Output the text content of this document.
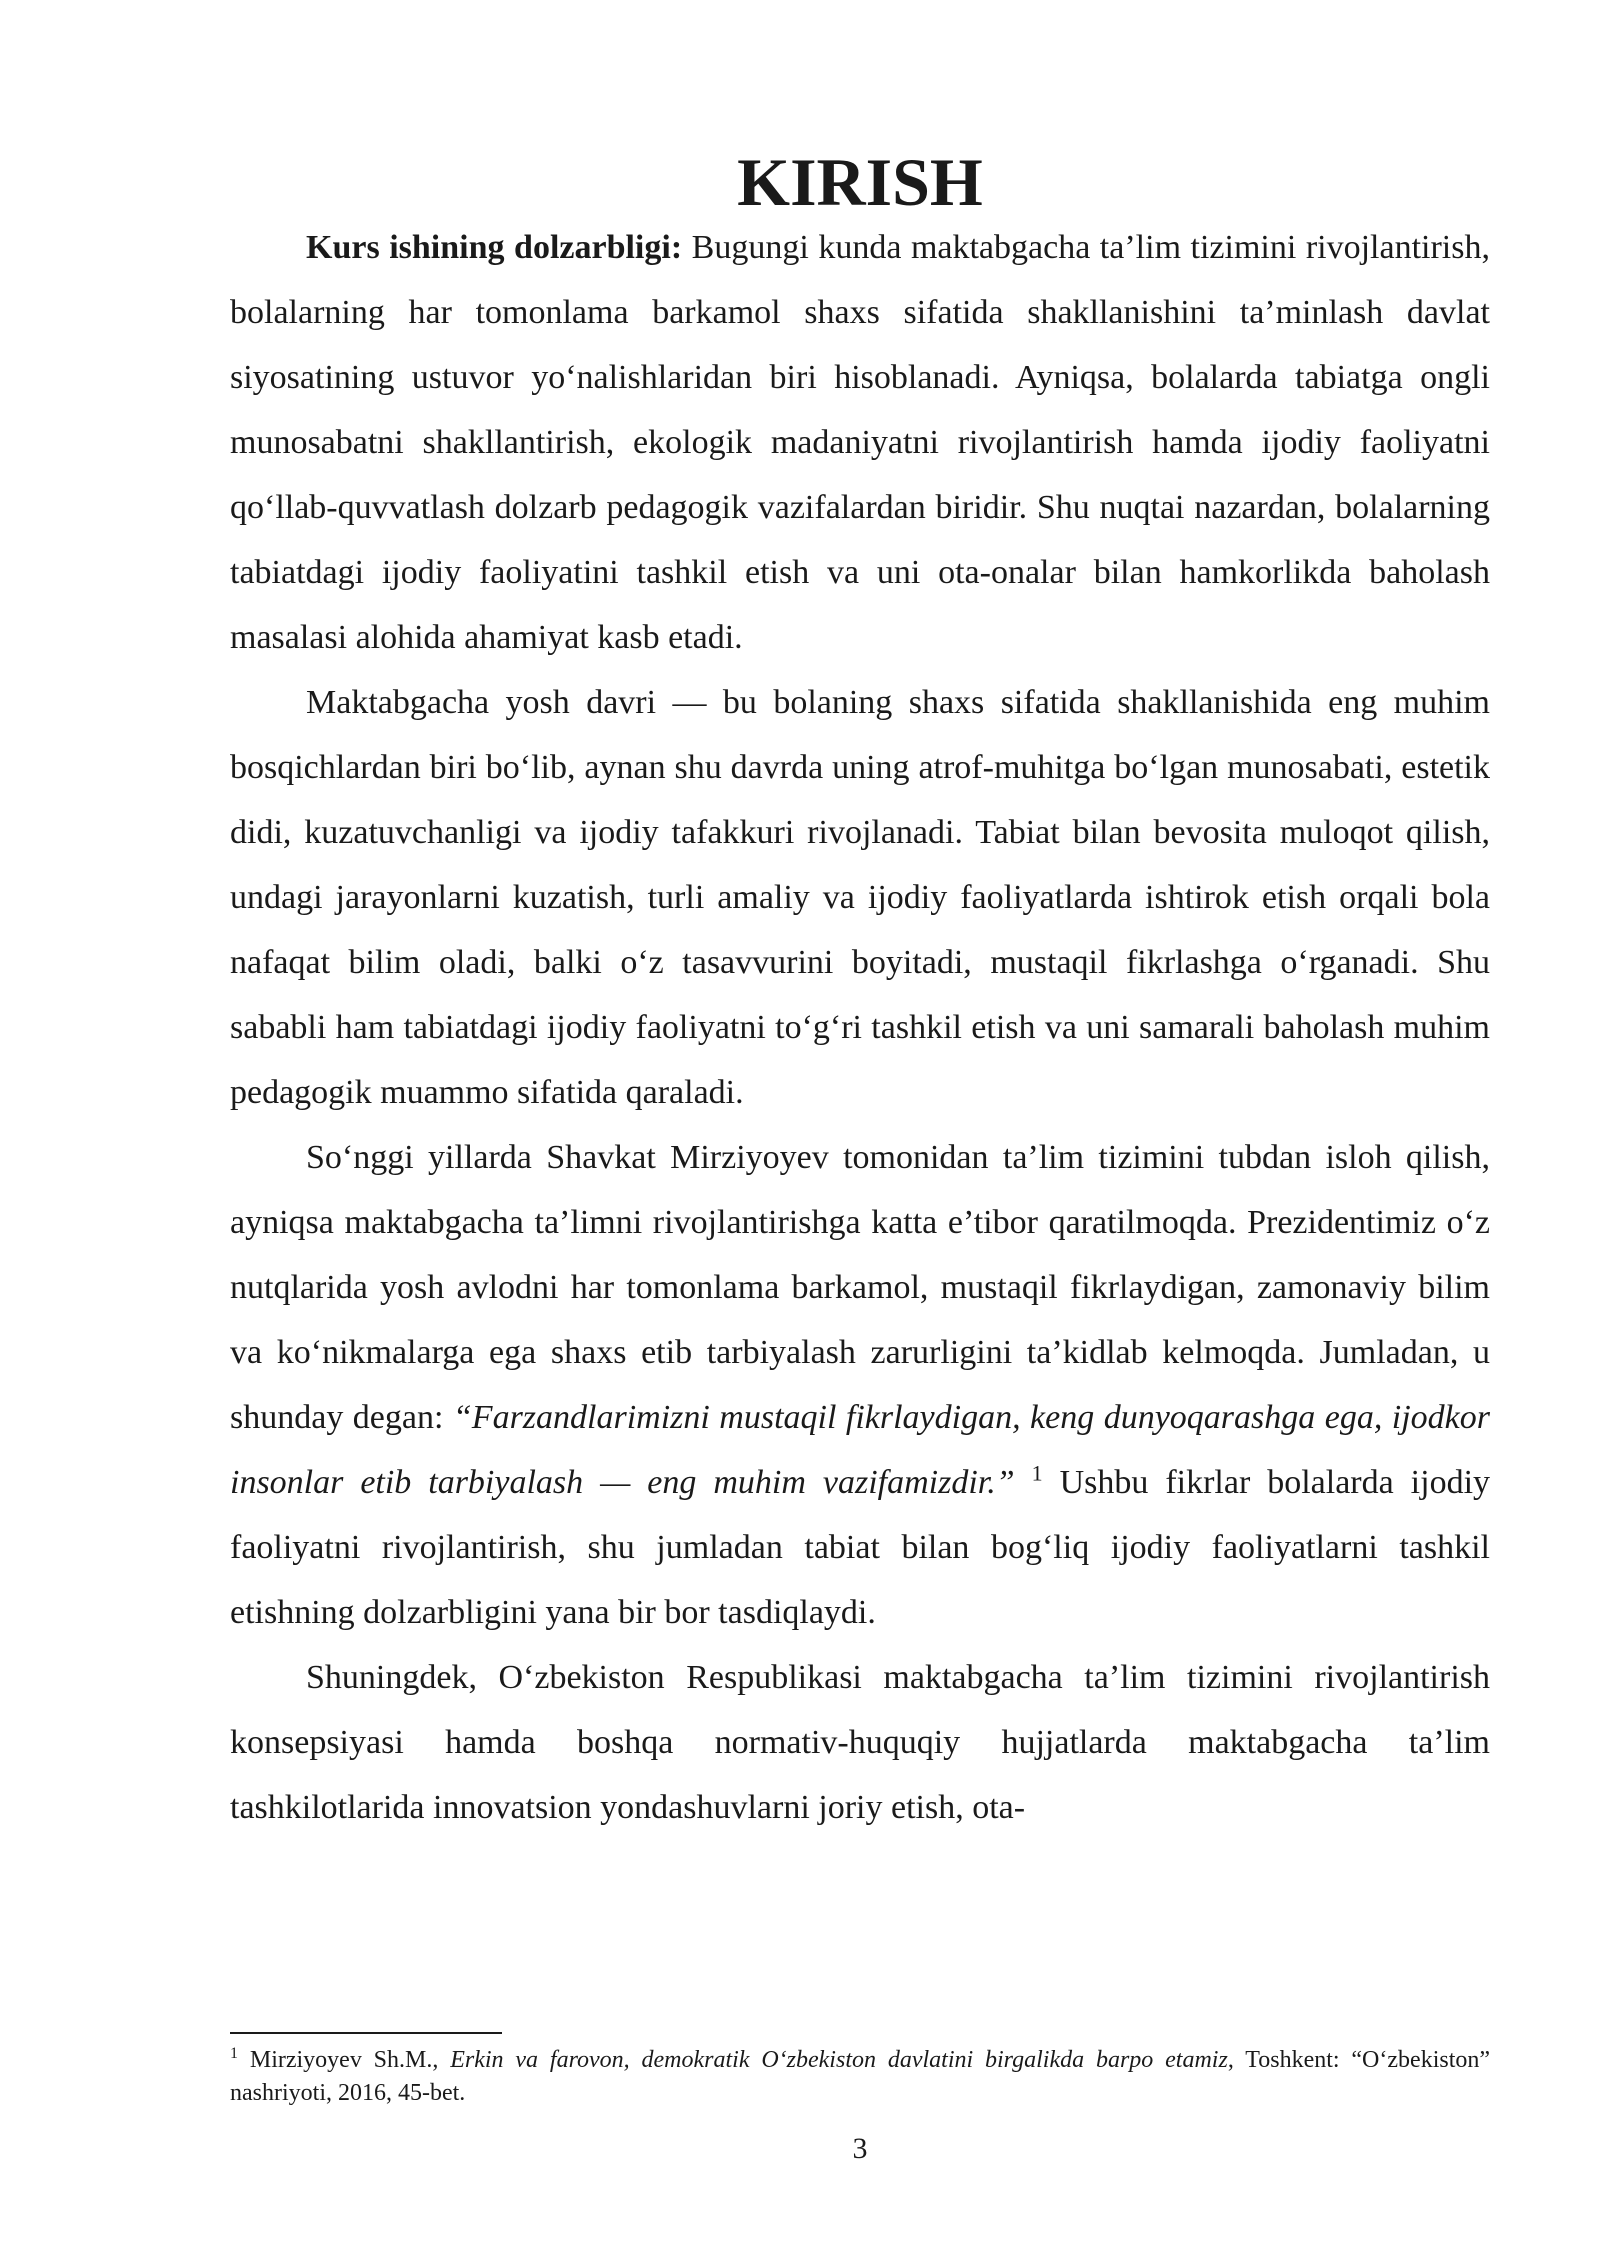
KIRISH

Kurs ishining dolzarbligi: Bugungi kunda maktabgacha ta’lim tizimini rivojlantirish, bolalarning har tomonlama barkamol shaxs sifatida shakllanishini ta’minlash davlat siyosatining ustuvor yo‘nalishlaridan biri hisoblanadi. Ayniqsa, bolalarda tabiatga ongli munosabatni shakllantirish, ekologik madaniyatni rivojlantirish hamda ijodiy faoliyatni qo‘llab-quvvatlash dolzarb pedagogik vazifalardan biridir. Shu nuqtai nazardan, bolalarning tabiatdagi ijodiy faoliyatini tashkil etish va uni ota-onalar bilan hamkorlikda baholash masalasi alohida ahamiyat kasb etadi.

Maktabgacha yosh davri — bu bolaning shaxs sifatida shakllanishida eng muhim bosqichlardan biri bo‘lib, aynan shu davrda uning atrof-muhitga bo‘lgan munosabati, estetik didi, kuzatuvchanligi va ijodiy tafakkuri rivojlanadi. Tabiat bilan bevosita muloqot qilish, undagi jarayonlarni kuzatish, turli amaliy va ijodiy faoliyatlarda ishtirok etish orqali bola nafaqat bilim oladi, balki o‘z tasavvurini boyitadi, mustaqil fikrlashga o‘rganadi. Shu sababli ham tabiatdagi ijodiy faoliyatni to‘g‘ri tashkil etish va uni samarali baholash muhim pedagogik muammo sifatida qaraladi.

So‘nggi yillarda Shavkat Mirziyoyev tomonidan ta’lim tizimini tubdan isloh qilish, ayniqsa maktabgacha ta’limni rivojlantirishga katta e’tibor qaratilmoqda. Prezidentimiz o‘z nutqlarida yosh avlodni har tomonlama barkamol, mustaqil fikrlaydigan, zamonaviy bilim va ko‘nikmalarga ega shaxs etib tarbiyalash zarurligini ta’kidlab kelmoqda. Jumladan, u shunday degan: “Farzandlarimizni mustaqil fikrlaydigan, keng dunyoqarashga ega, ijodkor insonlar etib tarbiyalash — eng muhim vazifamizdir.” $^1$ Ushbu fikrlar bolalarda ijodiy faoliyatni rivojlantirish, shu jumladan tabiat bilan bog‘liq ijodiy faoliyatlarni tashkil etishning dolzarbligini yana bir bor tasdiqlaydi.

Shuningdek, O‘zbekiston Respublikasi maktabgacha ta’lim tizimini rivojlantirish konsepsiyasi hamda boshqa normativ-huquqiy hujjatlarda maktabgacha ta’lim tashkilotlarida innovatsion yondashuvlarni joriy etish, ota-

$^1$ Mirziyoyev Sh.M., Erkin va farovon, demokratik O‘zbekiston davlatini birgalikda barpo etamiz, Toshkent: “O‘zbekiston” nashriyoti, 2016, 45-bet.
3
